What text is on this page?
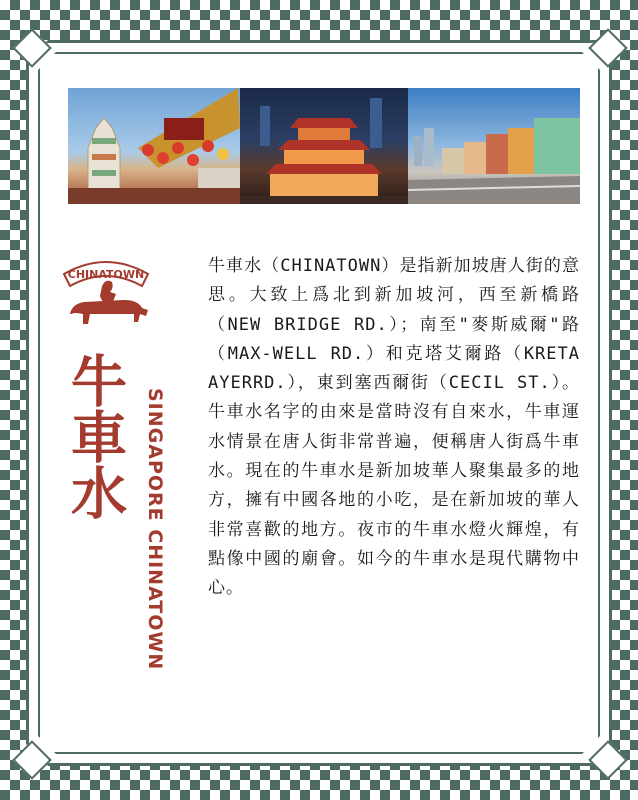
CHINATOWN
牛車水 SINGAPORE CHINATOWN
牛車水（CHINATOWN）是指新加坡唐人街的意思。大致上爲北到新加坡河，西至新橋路（NEW BRIDGE RD.）；南至"麥斯威爾"路（MAX-WELL RD.）和克塔艾爾路（KRETA AYERRD.），東到塞西爾街（CECIL ST.）。牛車水名字的由來是當時沒有自來水，牛車運水情景在唐人街非常普遍，便稱唐人街爲牛車水。現在的牛車水是新加坡華人聚集最多的地方，擁有中國各地的小吃，是在新加坡的華人非常喜歡的地方。夜市的牛車水燈火輝煌，有點像中國的廟會。如今的牛車水是現代購物中心。
